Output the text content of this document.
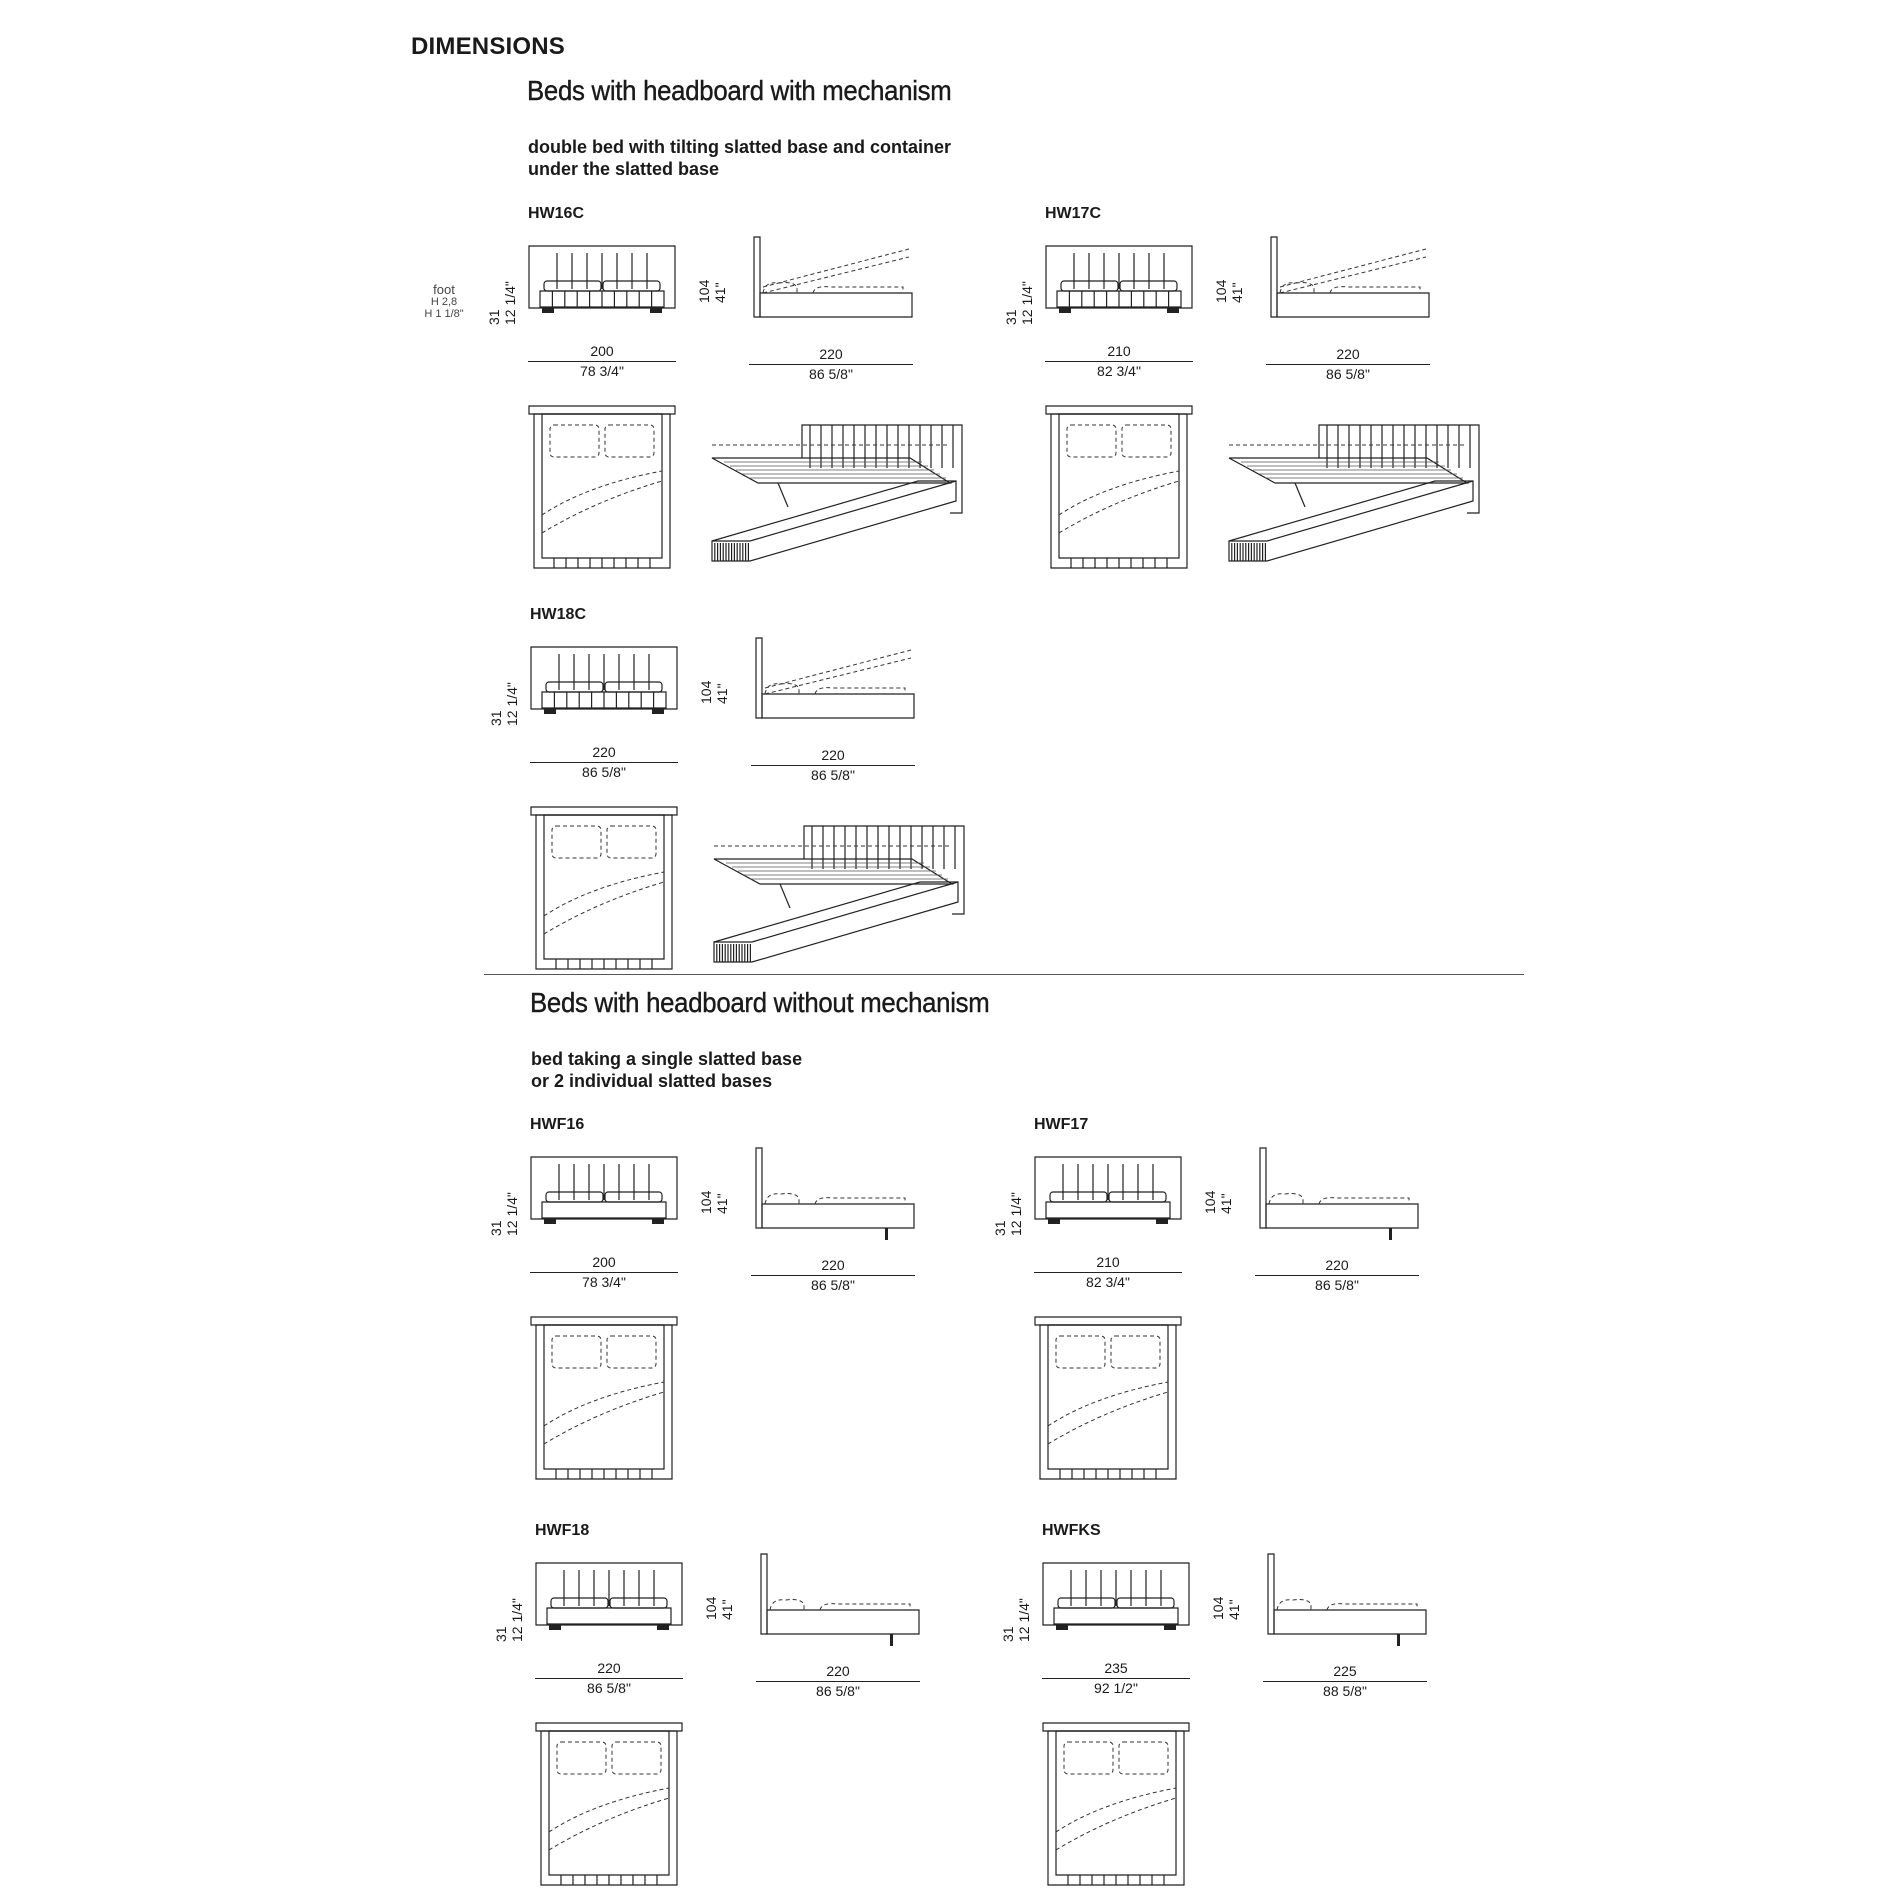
DIMENSIONS
Beds with headboard with mechanism
double bed with tilting slatted base and container
under the slatted base
foot
H 2,8
H 1 1/8"
Beds with headboard without mechanism
bed taking a single slatted base
or 2 individual slatted bases
HW16C
31 12 1/4"	104 41"
200
78 3/4"
220
86 5/8"
HW17C
31 12 1/4"	104 41"
210
82 3/4"
220
86 5/8"
HW18C
31 12 1/4"	104 41"
220
86 5/8"
220
86 5/8"
HWF16
31 12 1/4"	104 41"
200
78 3/4"
220
86 5/8"
HWF17
31 12 1/4"	104 41"
210
82 3/4"
220
86 5/8"
HWF18
31 12 1/4"	104 41"
220
86 5/8"
220
86 5/8"
HWFKS
31 12 1/4"	104 41"
235
92 1/2"
225
88 5/8"
